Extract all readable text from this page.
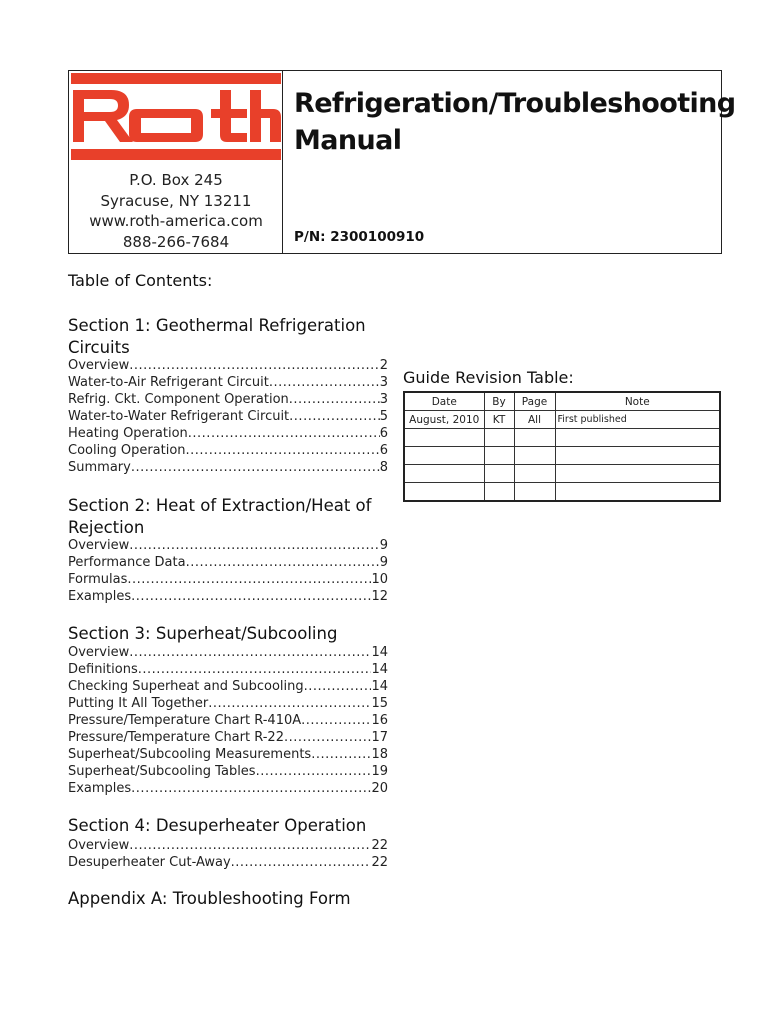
P.O. Box 245
Syracuse, NY 13211
www.roth-america.com
888-266-7684
Refrigeration/Troubleshooting
Manual
P/N: 2300100910
Table of Contents:
Section 1: Geothermal Refrigeration Circuits
Overview .....	2
Water-to-Air Refrigerant Circuit .....	3
Refrig. Ckt. Component Operation .....	3
Water-to-Water Refrigerant Circuit .....	5
Heating Operation .....	6
Cooling Operation .....	6
Summary .....	8
Section 2: Heat of Extraction/Heat of Rejection
Overview .....	9
Performance Data .....	9
Formulas .....	10
Examples .....	12
Section 3: Superheat/Subcooling
Overview .....	14
Definitions .....	14
Checking Superheat and Subcooling .....	14
Putting It All Together .....	15
Pressure/Temperature Chart R-410A .....	16
Pressure/Temperature Chart R-22 .....	17
Superheat/Subcooling Measurements .....	18
Superheat/Subcooling Tables .....	19
Examples .....	20
Section 4: Desuperheater Operation
Overview .....	22
Desuperheater Cut-Away .....	22
Appendix A: Troubleshooting Form
Guide Revision Table:
Date	By	Page	Note
August, 2010	KT	All	First published
